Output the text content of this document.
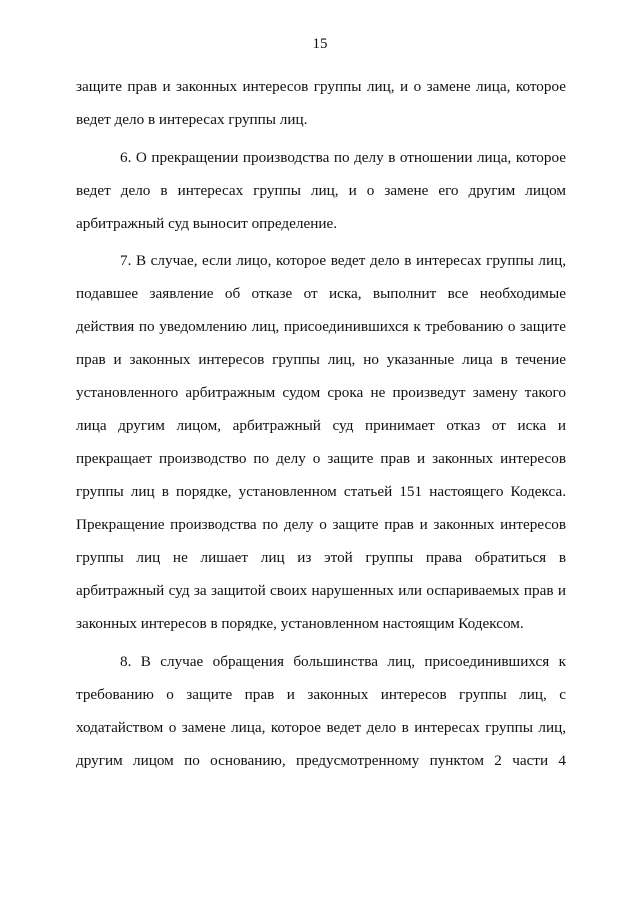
15
защите прав и законных интересов группы лиц, и о замене лица, которое
ведет дело в интересах группы лиц.
6. О прекращении производства по делу в отношении лица, которое
ведет дело в интересах группы лиц, и о замене его другим лицом
арбитражный суд выносит определение.
7. В случае, если лицо, которое ведет дело в интересах группы лиц,
подавшее заявление об отказе от иска, выполнит все необходимые
действия по уведомлению лиц, присоединившихся к требованию о защите
прав и законных интересов группы лиц, но указанные лица в течение
установленного арбитражным судом срока не произведут замену такого
лица другим лицом, арбитражный суд принимает отказ от иска и
прекращает производство по делу о защите прав и законных интересов
группы лиц в порядке, установленном статьей 151 настоящего Кодекса.
Прекращение производства по делу о защите прав и законных интересов
группы лиц не лишает лиц из этой группы права обратиться в
арбитражный суд за защитой своих нарушенных или оспариваемых прав и
законных интересов в порядке, установленном настоящим Кодексом.
8. В случае обращения большинства лиц, присоединившихся к
требованию о защите прав и законных интересов группы лиц, с
ходатайством о замене лица, которое ведет дело в интересах группы лиц,
другим лицом по основанию, предусмотренному пунктом 2 части 4
